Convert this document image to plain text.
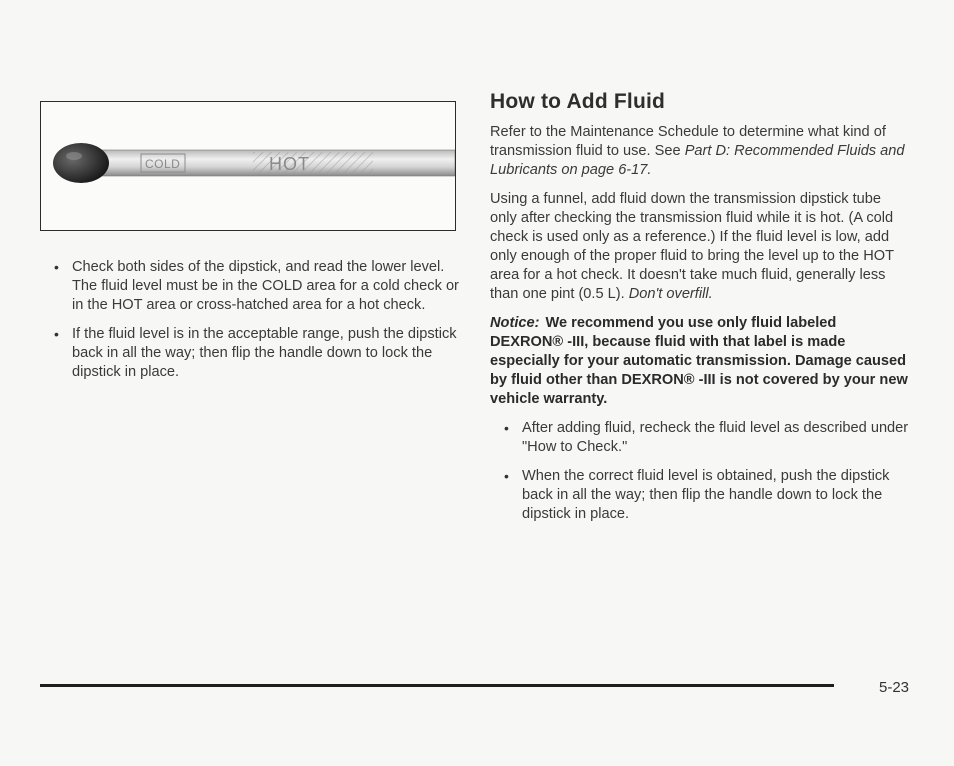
COLD	HOT
• Check both sides of the dipstick, and read the lower level. The fluid level must be in the COLD area for a cold check or in the HOT area or cross-hatched area for a hot check.
• If the fluid level is in the acceptable range, push the dipstick back in all the way; then flip the handle down to lock the dipstick in place.
How to Add Fluid

Refer to the Maintenance Schedule to determine what kind of transmission fluid to use. See Part D: Recommended Fluids and Lubricants on page 6-17.

Using a funnel, add fluid down the transmission dipstick tube only after checking the transmission fluid while it is hot. (A cold check is used only as a reference.) If the fluid level is low, add only enough of the proper fluid to bring the level up to the HOT area for a hot check. It doesn't take much fluid, generally less than one pint (0.5 L). Don't overfill.

Notice: We recommend you use only fluid labeled DEXRON® -III, because fluid with that label is made especially for your automatic transmission. Damage caused by fluid other than DEXRON® -III is not covered by your new vehicle warranty.

• After adding fluid, recheck the fluid level as described under "How to Check."
• When the correct fluid level is obtained, push the dipstick back in all the way; then flip the handle down to lock the dipstick in place.
5-23
